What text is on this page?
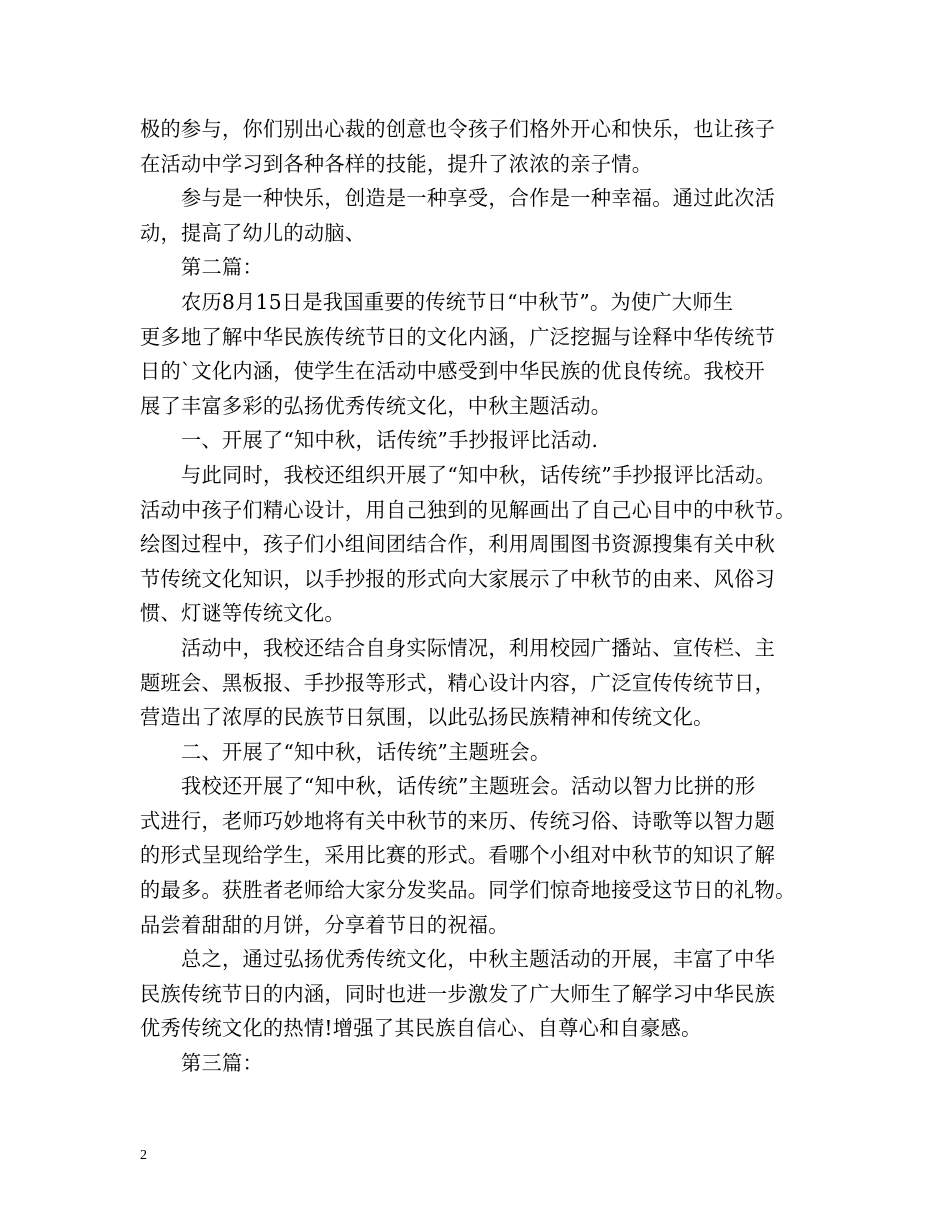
极的参与，你们别出心裁的创意也令孩子们格外开心和快乐，也让孩子
在活动中学习到各种各样的技能，提升了浓浓的亲子情。
参与是一种快乐，创造是一种享受，合作是一种幸福。通过此次活
动，提高了幼儿的动脑、
第二篇：
农历8月15日是我国重要的传统节日“中秋节”。为使广大师生
更多地了解中华民族传统节日的文化内涵，广泛挖掘与诠释中华传统节
日的`文化内涵，使学生在活动中感受到中华民族的优良传统。我校开
展了丰富多彩的弘扬优秀传统文化，中秋主题活动。
一、开展了“知中秋，话传统”手抄报评比活动.
与此同时，我校还组织开展了“知中秋，话传统”手抄报评比活动。
活动中孩子们精心设计，用自己独到的见解画出了自己心目中的中秋节。
绘图过程中，孩子们小组间团结合作，利用周围图书资源搜集有关中秋
节传统文化知识，以手抄报的形式向大家展示了中秋节的由来、风俗习
惯、灯谜等传统文化。
活动中，我校还结合自身实际情况，利用校园广播站、宣传栏、主
题班会、黑板报、手抄报等形式，精心设计内容，广泛宣传传统节日，
营造出了浓厚的民族节日氛围，以此弘扬民族精神和传统文化。
二、开展了“知中秋，话传统”主题班会。
我校还开展了“知中秋，话传统”主题班会。活动以智力比拼的形
式进行，老师巧妙地将有关中秋节的来历、传统习俗、诗歌等以智力题
的形式呈现给学生，采用比赛的形式。看哪个小组对中秋节的知识了解
的最多。获胜者老师给大家分发奖品。同学们惊奇地接受这节日的礼物。
品尝着甜甜的月饼，分享着节日的祝福。
总之，通过弘扬优秀传统文化，中秋主题活动的开展，丰富了中华
民族传统节日的内涵，同时也进一步激发了广大师生了解学习中华民族
优秀传统文化的热情!增强了其民族自信心、自尊心和自豪感。
第三篇：
2
